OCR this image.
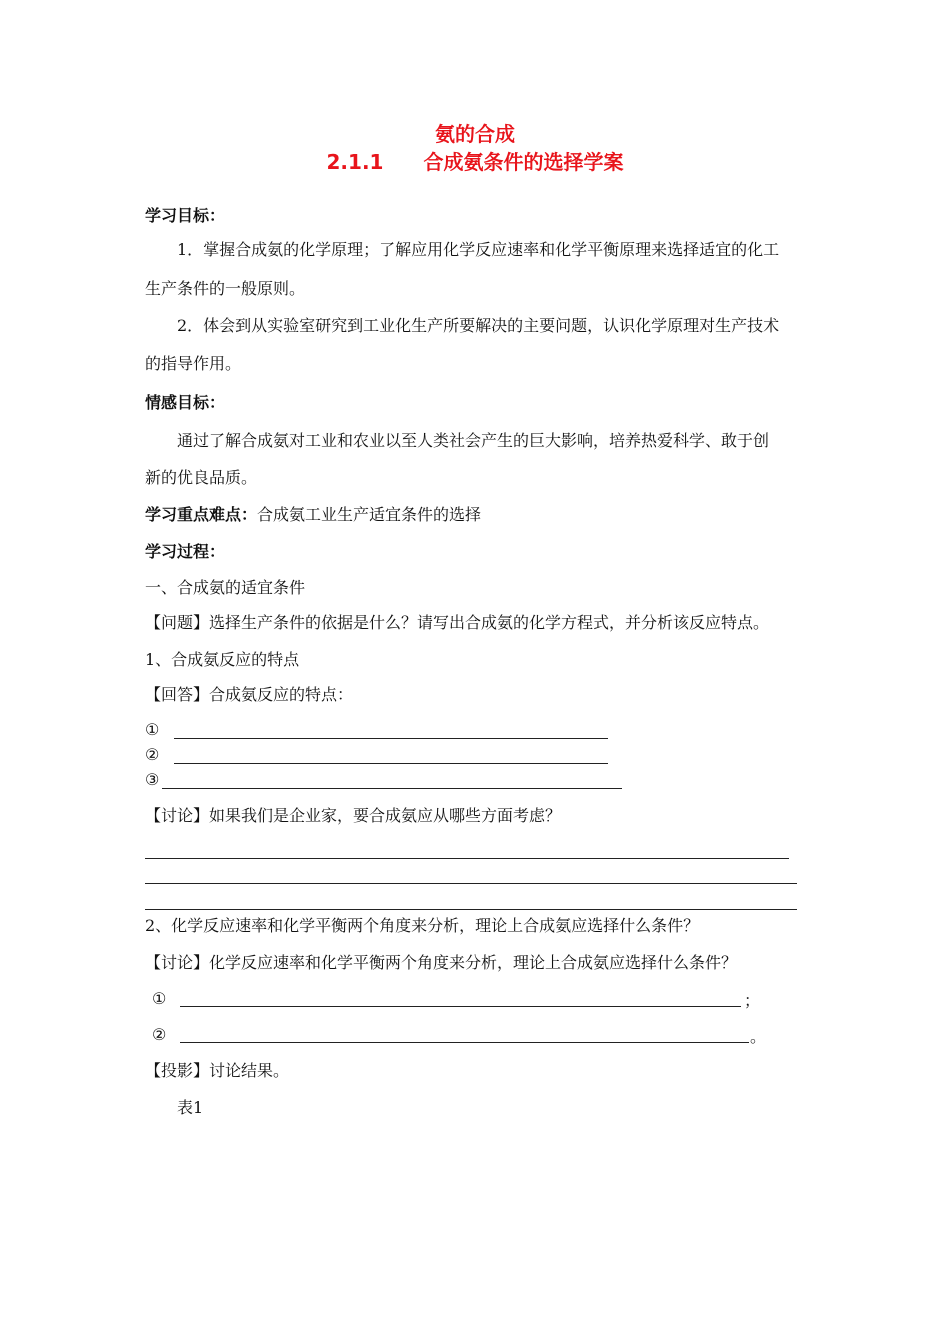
氨的合成
2.1.1　　合成氨条件的选择学案
学习目标：
1．掌握合成氨的化学原理；了解应用化学反应速率和化学平衡原理来选择适宜的化工
生产条件的一般原则。
2．体会到从实验室研究到工业化生产所要解决的主要问题，认识化学原理对生产技术
的指导作用。
情感目标：
通过了解合成氨对工业和农业以至人类社会产生的巨大影响，培养热爱科学、敢于创
新的优良品质。
学习重点难点：合成氨工业生产适宜条件的选择
学习过程：
一、合成氨的适宜条件
【问题】选择生产条件的依据是什么？请写出合成氨的化学方程式，并分析该反应特点。
1、合成氨反应的特点
【回答】合成氨反应的特点：
①
②
③
【讨论】如果我们是企业家，要合成氨应从哪些方面考虑？
2、化学反应速率和化学平衡两个角度来分析，理论上合成氨应选择什么条件？
【讨论】化学反应速率和化学平衡两个角度来分析，理论上合成氨应选择什么条件？
①	；
②	。
【投影】讨论结果。
表1
